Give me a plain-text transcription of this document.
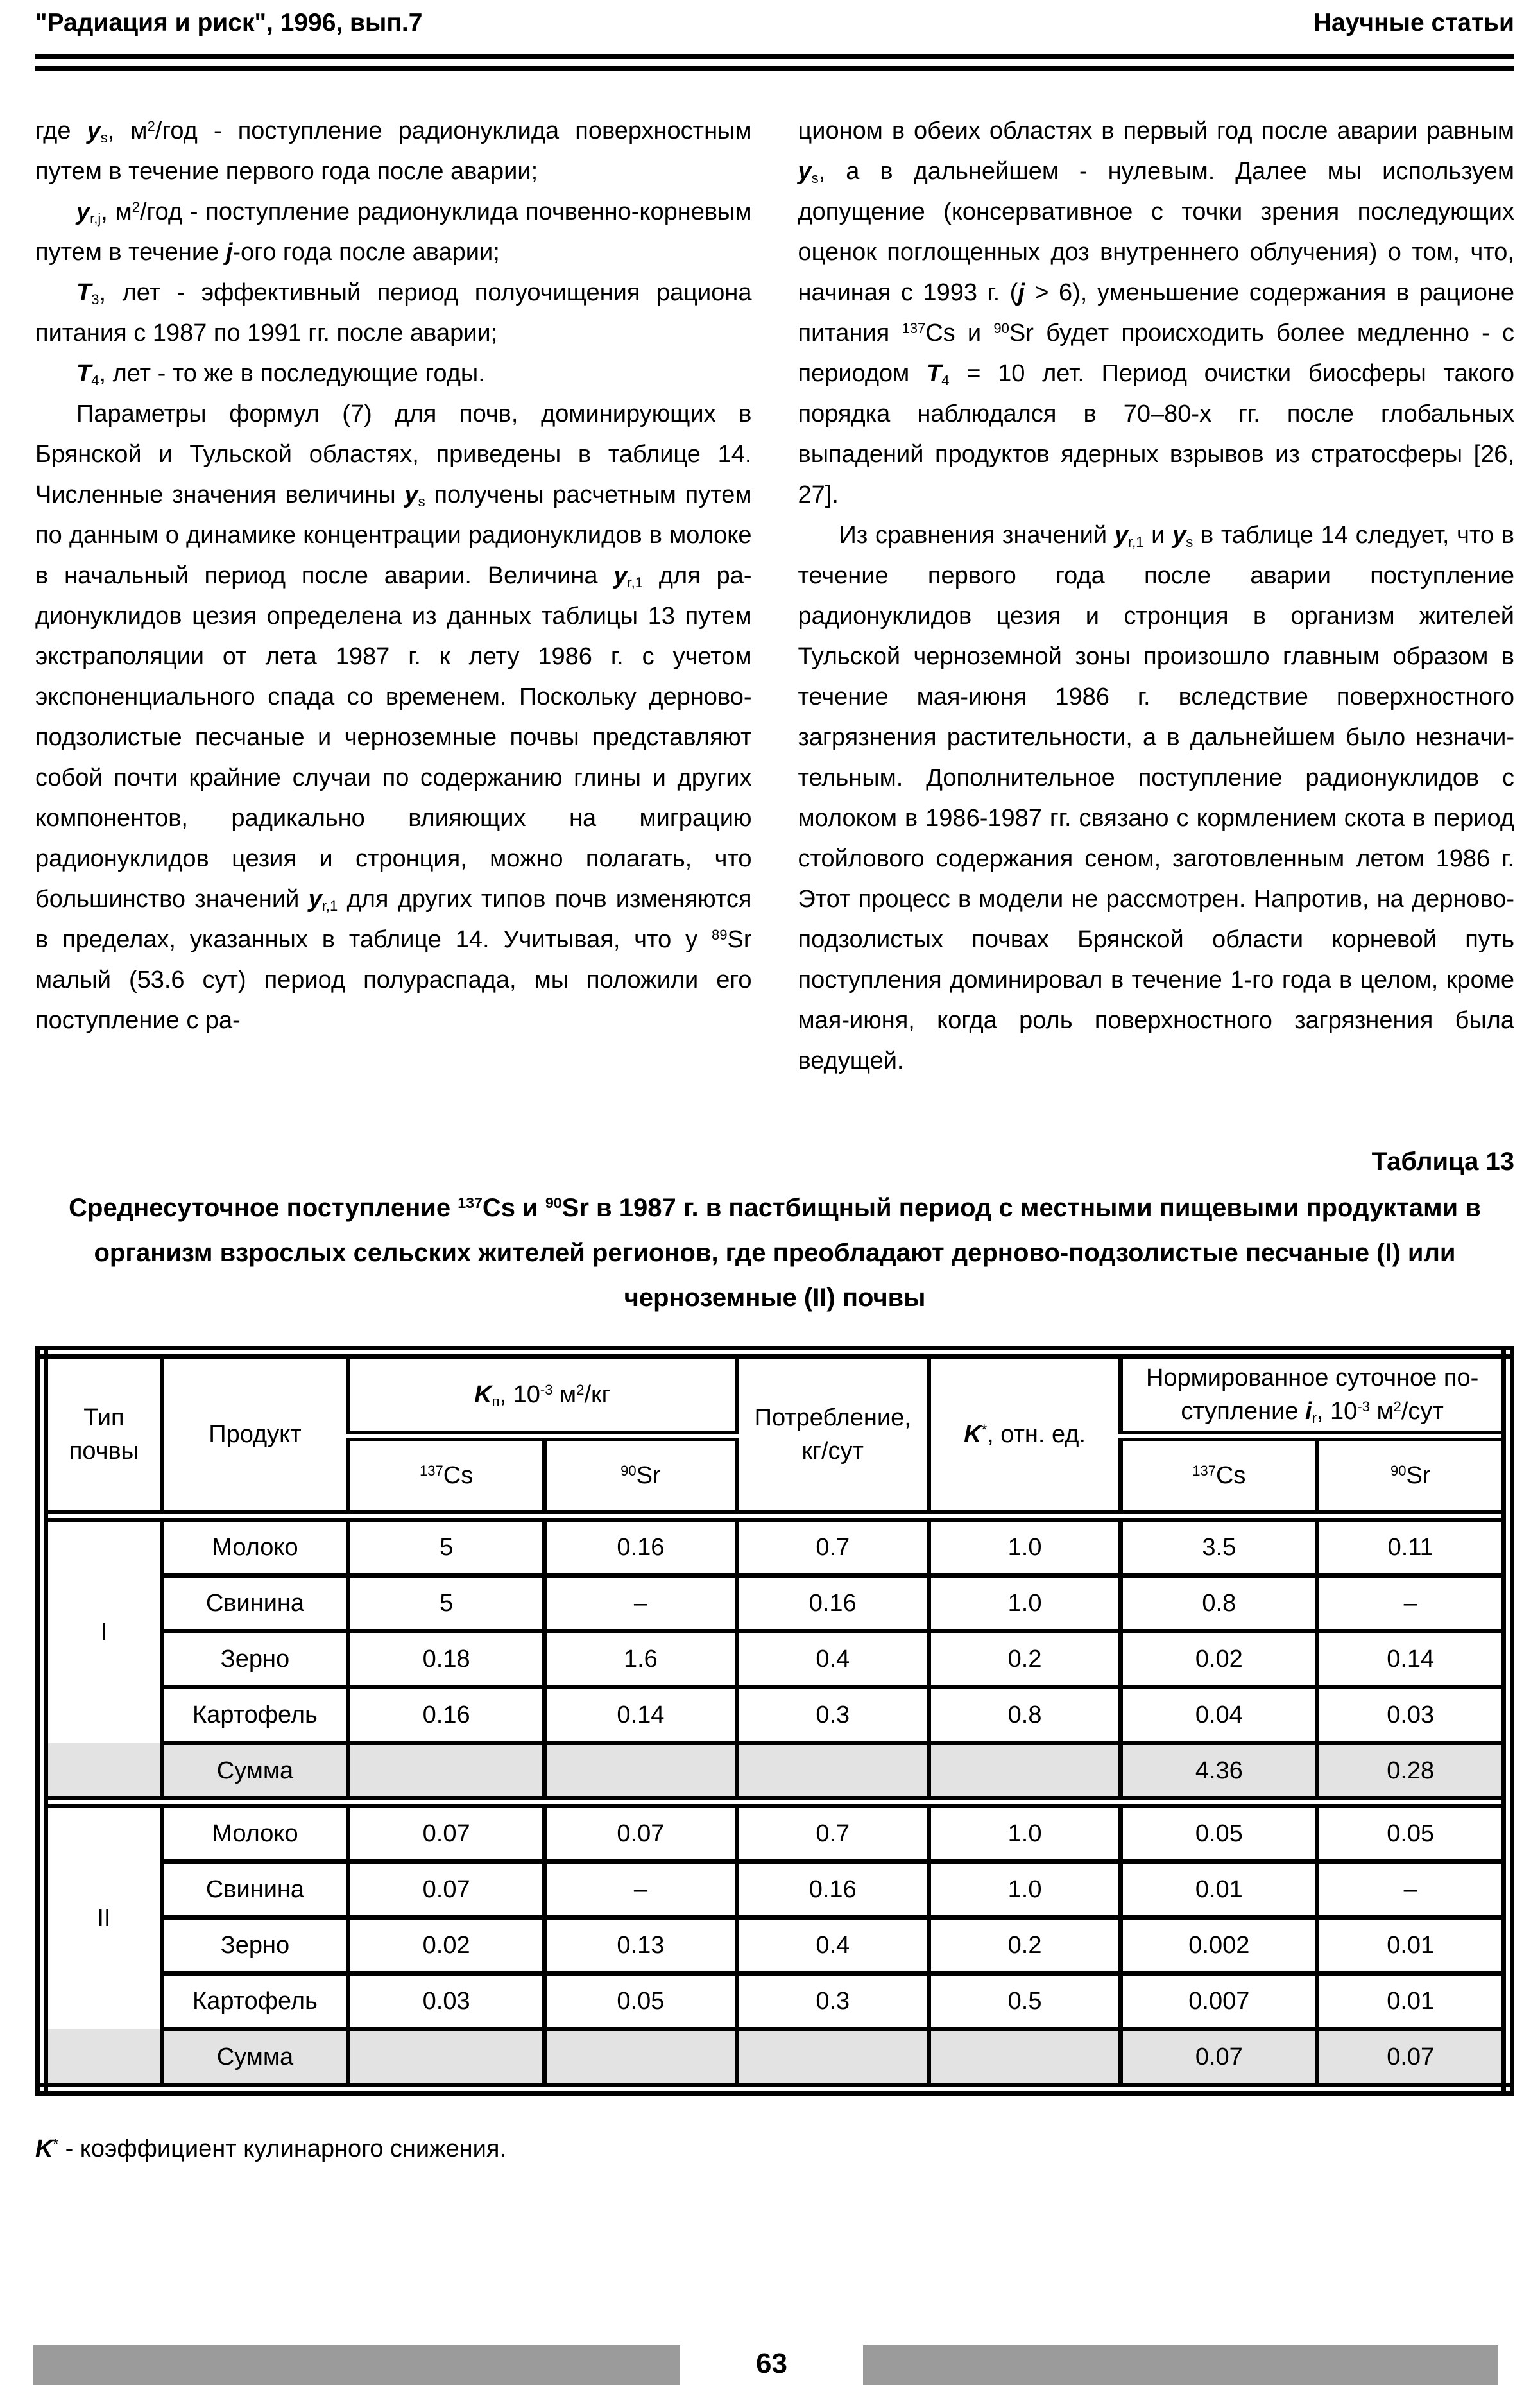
"Радиация и риск", 1996, вып.7	Научные статьи

где $y_s$, $м^2$/год - поступление радионуклида поверхностным путем в течение первого года после аварии;

$y_{r,j}$, $м^2$/год - поступление радионуклида почвенно-корневым путем в течение j-ого года после аварии;

$T_3$, лет - эффективный период полуочищения рациона питания с 1987 по 1991 гг. после аварии;

$T_4$, лет - то же в последующие годы.

Параметры формул (7) для почв, доминирующих в Брянской и Тульской областях, приведены в таблице 14. Численные значения величины $y_s$ получены расчетным путем по данным о динамике концентрации радионуклидов в молоке в начальный период после аварии. Величина $y_{r,1}$ для радионуклидов цезия определена из данных таблицы 13 путем экстраполяции от лета 1987 г. к лету 1986 г. с учетом экспоненциального спада со временем. Поскольку дерново-подзолистые песчаные и черноземные почвы представляют собой почти крайние случаи по содержанию глины и других компонентов, радикально влияющих на миграцию радионуклидов цезия и стронция, можно полагать, что большинство значений $y_{r,1}$ для других типов почв изменяются в пределах, указанных в таблице 14. Учитывая, что у $^{89}$Sr малый (53.6 сут) период полураспада, мы положили его поступление с ра-

ционом в обеих областях в первый год после аварии равным $y_s$, а в дальнейшем - нулевым. Далее мы используем допущение (консервативное с точки зрения последующих оценок поглощенных доз внутреннего облучения) о том, что, начиная с 1993 г. (j > 6), уменьшение содержания в рационе питания $^{137}$Cs и $^{90}$Sr будет происходить более медленно - с периодом $T_4 = 10$ лет. Период очистки биосферы такого порядка наблюдался в 70–80-х гг. после глобальных выпадений продуктов ядерных взрывов из стратосферы [26, 27].

Из сравнения значений $y_{r,1}$ и $y_s$ в таблице 14 следует, что в течение первого года после аварии поступление радионуклидов цезия и стронция в организм жителей Тульской черноземной зоны произошло главным образом в течение мая-июня 1986 г. вследствие поверхностного загрязнения растительности, а в дальнейшем было незначительным. Дополнительное поступление радионуклидов с молоком в 1986-1987 гг. связано с кормлением скота в период стойлового содержания сеном, заготовленным летом 1986 г. Этот процесс в модели не рассмотрен. Напротив, на дерново-подзолистых почвах Брянской области корневой путь поступления доминировал в течение 1-го года в целом, кроме мая-июня, когда роль поверхностного загрязнения была ведущей.

Таблица 13
Среднесуточное поступление $^{137}$Cs и $^{90}$Sr в 1987 г. в пастбищный период с местными пищевыми продуктами в организм взрослых сельских жителей регионов, где преобладают дерново-подзолистые песчаные (I) или черноземные (II) почвы
Тип почвы	Продукт	$K_п$, $10^{-3}$ $м^2/кг$		Потребление, кг/сут	K*, отн. ед.	Нормированное суточное поступление $i_r$, $10^{-3}$ $м^2$/сут	
		$^{137}$Cs	$^{90}$Sr			$^{137}$Cs	$^{90}$Sr
I	Молоко	5	0.16	0.7	1.0	3.5	0.11
	Свинина	5	–	0.16	1.0	0.8	–
	Зерно	0.18	1.6	0.4	0.2	0.02	0.14
	Картофель	0.16	0.14	0.3	0.8	0.04	0.03
	Сумма					4.36	0.28
II	Молоко	0.07	0.07	0.7	1.0	0.05	0.05
	Свинина	0.07	–	0.16	1.0	0.01	–
	Зерно	0.02	0.13	0.4	0.2	0.002	0.01
	Картофель	0.03	0.05	0.3	0.5	0.007	0.01
	Сумма					0.07	0.07
K* - коэффициент кулинарного снижения.
63
